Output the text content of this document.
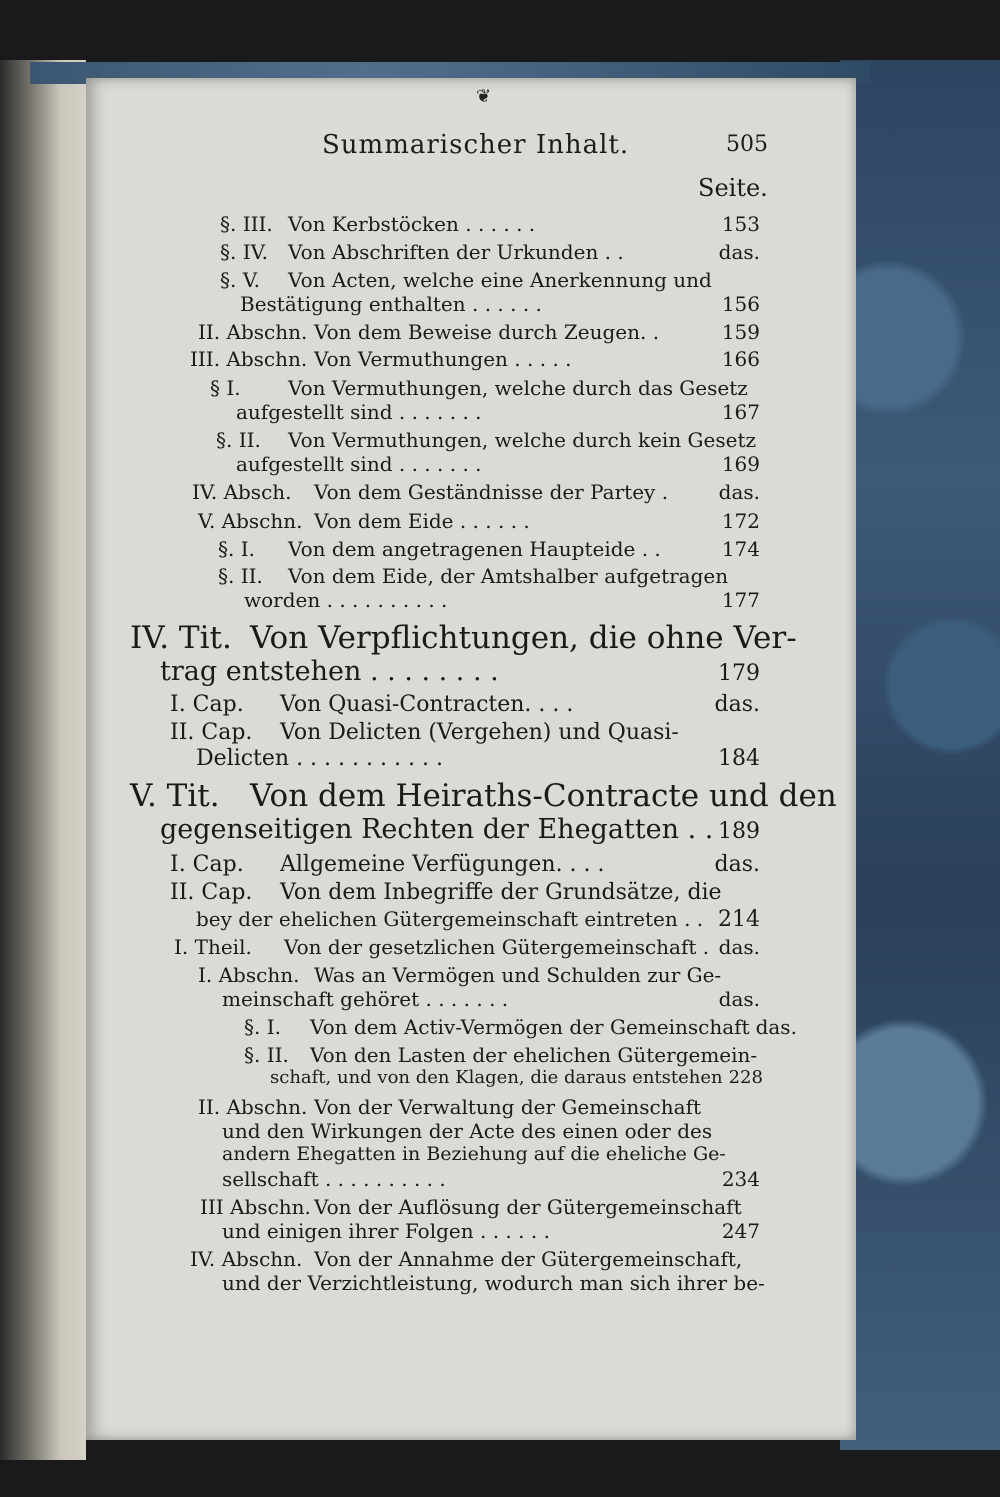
❦
Summarischer Inhalt.	505
Seite.
§. III. Von Kerbstöcken . . . . . .	153
§. IV.	Von Abschriften der Urkunden . .	das.
§. V.	Von Acten, welche eine Anerkennung und
Bestätigung enthalten . . . . . .	156
II. Abschn. Von dem Beweise durch Zeugen. .	159
III. Abschn. Von Vermuthungen . . . . .	166
§ I.	Von Vermuthungen, welche durch das Gesetz
aufgestellt sind . . . . . . .	167
§. II.	Von Vermuthungen, welche durch kein Gesetz
aufgestellt sind . . . . . . .	169
IV. Absch.	Von dem Geständnisse der Partey .	das.
V. Abschn. Von dem Eide . . . . . .	172
§. I.	Von dem angetragenen Haupteide . .	174
§. II.	Von dem Eide, der Amtshalber aufgetragen
worden . . . . . . . . . .	177
IV. Tit. Von Verpflichtungen, die ohne Ver-
trag entstehen . . . . . . . .	179
I. Cap.	Von Quasi-Contracten. . . .	das.
II. Cap.	Von Delicten (Vergehen) und Quasi-
Delicten . . . . . . . . . . .	184
V. Tit. Von dem Heiraths-Contracte und den
gegenseitigen Rechten der Ehegatten . . 189
I. Cap.	Allgemeine Verfügungen. . . .	das.
II. Cap.	Von dem Inbegriffe der Grundsätze, die
bey der ehelichen Gütergemeinschaft eintreten . . 214
I. Theil.	Von der gesetzlichen Gütergemeinschaft . das.
I. Abschn. Was an Vermögen und Schulden zur Ge-
meinschaft gehöret . . . . . . .	das.
§. I.	Von dem Activ-Vermögen der Gemeinschaft das.
§. II.	Von den Lasten der ehelichen Gütergemein-
schaft, und von den Klagen, die daraus entstehen 228
II. Abschn. Von der Verwaltung der Gemeinschaft
und den Wirkungen der Acte des einen oder des
andern Ehegatten in Beziehung auf die eheliche Ge-
sellschaft . . . . . . . . . .	234
III Abschn. Von der Auflösung der Gütergemeinschaft
und einigen ihrer Folgen . . . . . .	247
IV. Abschn. Von der Annahme der Gütergemeinschaft,
und der Verzichtleistung, wodurch man sich ihrer be-
